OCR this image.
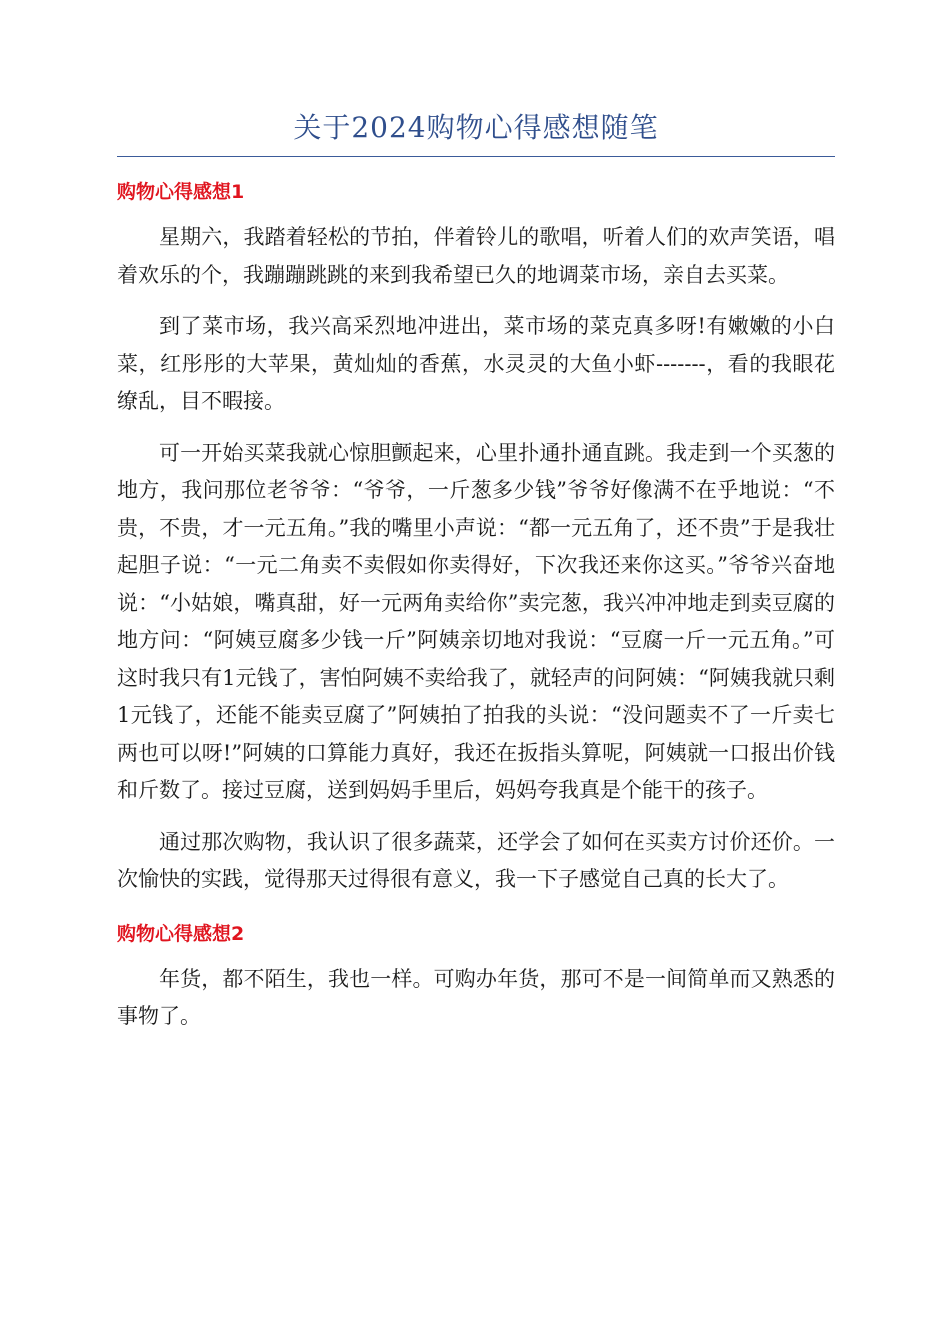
关于2024购物心得感想随笔
购物心得感想1

星期六，我踏着轻松的节拍，伴着铃儿的歌唱，听着人们的欢声笑语，唱着欢乐的个，我蹦蹦跳跳的来到我希望已久的地调菜市场，亲自去买菜。

到了菜市场，我兴高采烈地冲进出，菜市场的菜克真多呀!有嫩嫩的小白菜，红彤彤的大苹果，黄灿灿的香蕉，水灵灵的大鱼小虾-------，看的我眼花缭乱，目不暇接。

可一开始买菜我就心惊胆颤起来，心里扑通扑通直跳。我走到一个买葱的地方，我问那位老爷爷：“爷爷，一斤葱多少钱”爷爷好像满不在乎地说：“不贵，不贵，才一元五角。”我的嘴里小声说：“都一元五角了，还不贵”于是我壮起胆子说：“一元二角卖不卖假如你卖得好，下次我还来你这买。”爷爷兴奋地说：“小姑娘，嘴真甜，好一元两角卖给你”卖完葱，我兴冲冲地走到卖豆腐的地方问：“阿姨豆腐多少钱一斤”阿姨亲切地对我说：“豆腐一斤一元五角。”可这时我只有1元钱了，害怕阿姨不卖给我了，就轻声的问阿姨：“阿姨我就只剩1元钱了，还能不能卖豆腐了”阿姨拍了拍我的头说：“没问题卖不了一斤卖七两也可以呀!”阿姨的口算能力真好，我还在扳指头算呢，阿姨就一口报出价钱和斤数了。接过豆腐，送到妈妈手里后，妈妈夸我真是个能干的孩子。

通过那次购物，我认识了很多蔬菜，还学会了如何在买卖方讨价还价。一次愉快的实践，觉得那天过得很有意义，我一下子感觉自己真的长大了。

购物心得感想2

年货，都不陌生，我也一样。可购办年货，那可不是一间简单而又熟悉的事物了。
